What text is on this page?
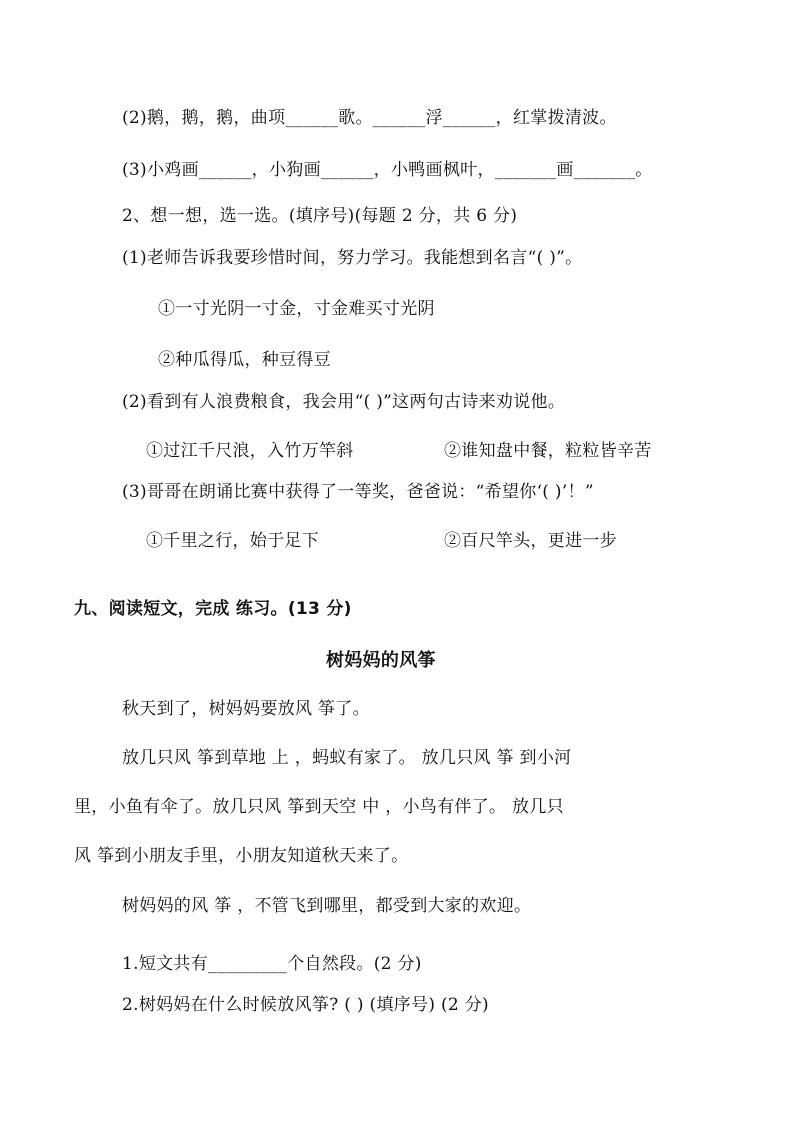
(2)鹅，鹅，鹅，曲项______歌。______浮______，红掌拨清波。
(3)小鸡画______，小狗画______，小鸭画枫叶，_______画_______。
2、想一想，选一选。(填序号)(每题 2 分，共 6 分)
(1)老师告诉我要珍惜时间，努力学习。我能想到名言“( )”。
①一寸光阴一寸金，寸金难买寸光阴
②种瓜得瓜，种豆得豆
(2)看到有人浪费粮食，我会用“( )”这两句古诗来劝说他。
①过江千尺浪，入竹万竿斜	②谁知盘中餐，粒粒皆辛苦
(3)哥哥在朗诵比赛中获得了一等奖，爸爸说：“希望你‘( )’！”
①千里之行，始于足下	②百尺竿头，更进一步
九、阅读短文，完成 练习。(13 分)
树妈妈的风筝
秋天到了，树妈妈要放风 筝了。
放几只风 筝到草地 上 ，蚂蚁有家了。 放几只风 筝 到小河
里，小鱼有伞了。放几只风 筝到天空 中 ，小鸟有伴了。 放几只
风 筝到小朋友手里，小朋友知道秋天来了。
树妈妈的风 筝 ，不管飞到哪里，都受到大家的欢迎。
1.短文共有_________个自然段。(2 分)
2.树妈妈在什么时候放风筝? ( ) (填序号) (2 分)
